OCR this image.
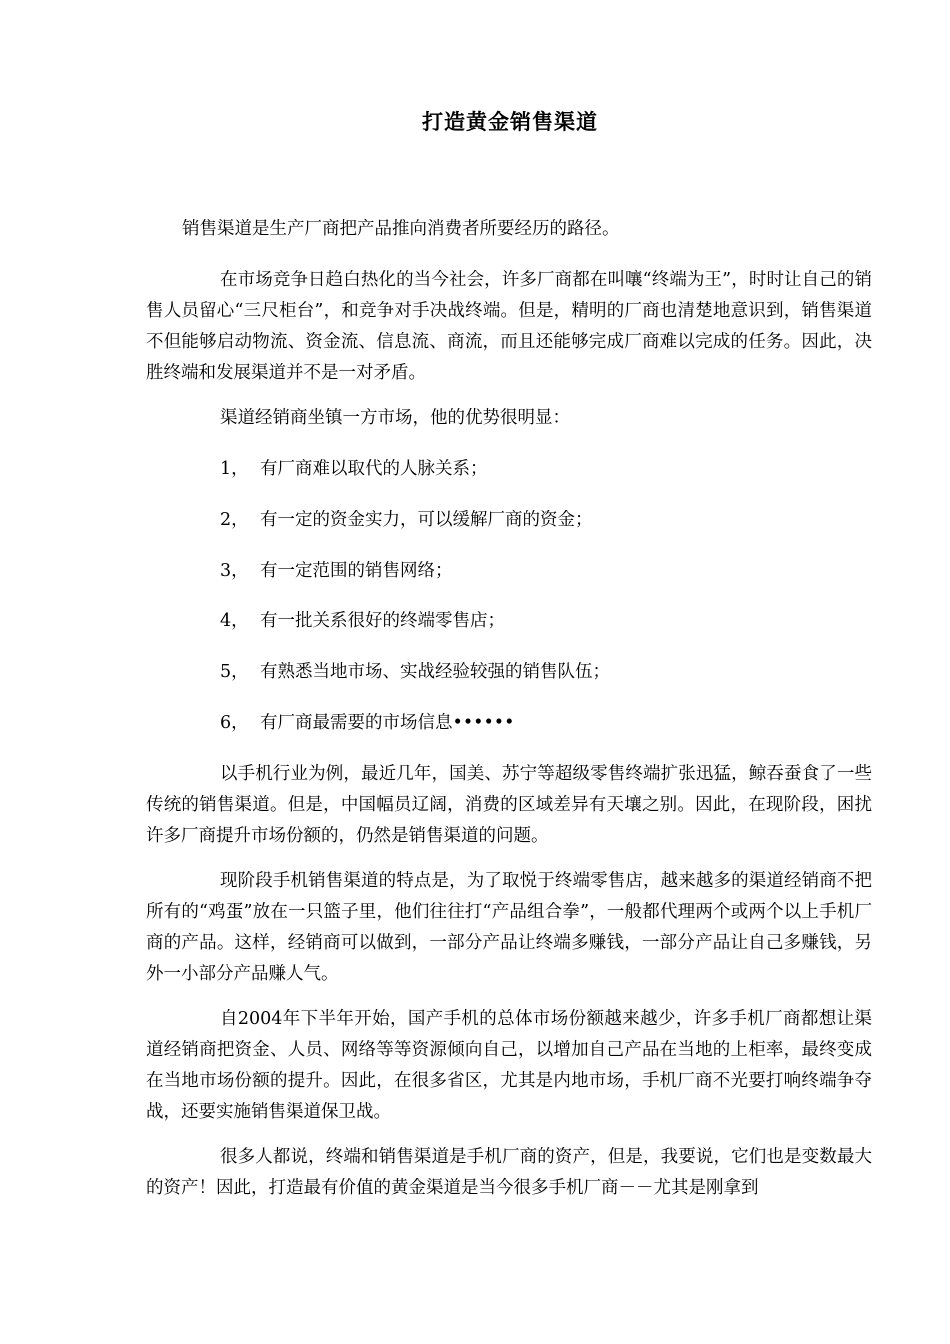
打造黄金销售渠道

销售渠道是生产厂商把产品推向消费者所要经历的路径。

在市场竞争日趋白热化的当今社会，许多厂商都在叫嚷“终端为王”，时时让自己的销售人员留心“三尺柜台”，和竞争对手决战终端。但是，精明的厂商也清楚地意识到，销售渠道不但能够启动物流、资金流、信息流、商流，而且还能够完成厂商难以完成的任务。因此，决胜终端和发展渠道并不是一对矛盾。

渠道经销商坐镇一方市场，他的优势很明显：

1， 有厂商难以取代的人脉关系；

2， 有一定的资金实力，可以缓解厂商的资金；

3， 有一定范围的销售网络；

4， 有一批关系很好的终端零售店；

5， 有熟悉当地市场、实战经验较强的销售队伍；

6， 有厂商最需要的市场信息••••••

以手机行业为例，最近几年，国美、苏宁等超级零售终端扩张迅猛，鲸吞蚕食了一些传统的销售渠道。但是，中国幅员辽阔，消费的区域差异有天壤之别。因此，在现阶段，困扰许多厂商提升市场份额的，仍然是销售渠道的问题。

现阶段手机销售渠道的特点是，为了取悦于终端零售店，越来越多的渠道经销商不把所有的“鸡蛋”放在一只篮子里，他们往往打“产品组合拳”，一般都代理两个或两个以上手机厂商的产品。这样，经销商可以做到，一部分产品让终端多赚钱，一部分产品让自己多赚钱，另外一小部分产品赚人气。

自2004年下半年开始，国产手机的总体市场份额越来越少，许多手机厂商都想让渠道经销商把资金、人员、网络等等资源倾向自己，以增加自己产品在当地的上柜率，最终变成在当地市场份额的提升。因此，在很多省区，尤其是内地市场，手机厂商不光要打响终端争夺战，还要实施销售渠道保卫战。

很多人都说，终端和销售渠道是手机厂商的资产，但是，我要说，它们也是变数最大的资产！因此，打造最有价值的黄金渠道是当今很多手机厂商－－尤其是刚拿到
